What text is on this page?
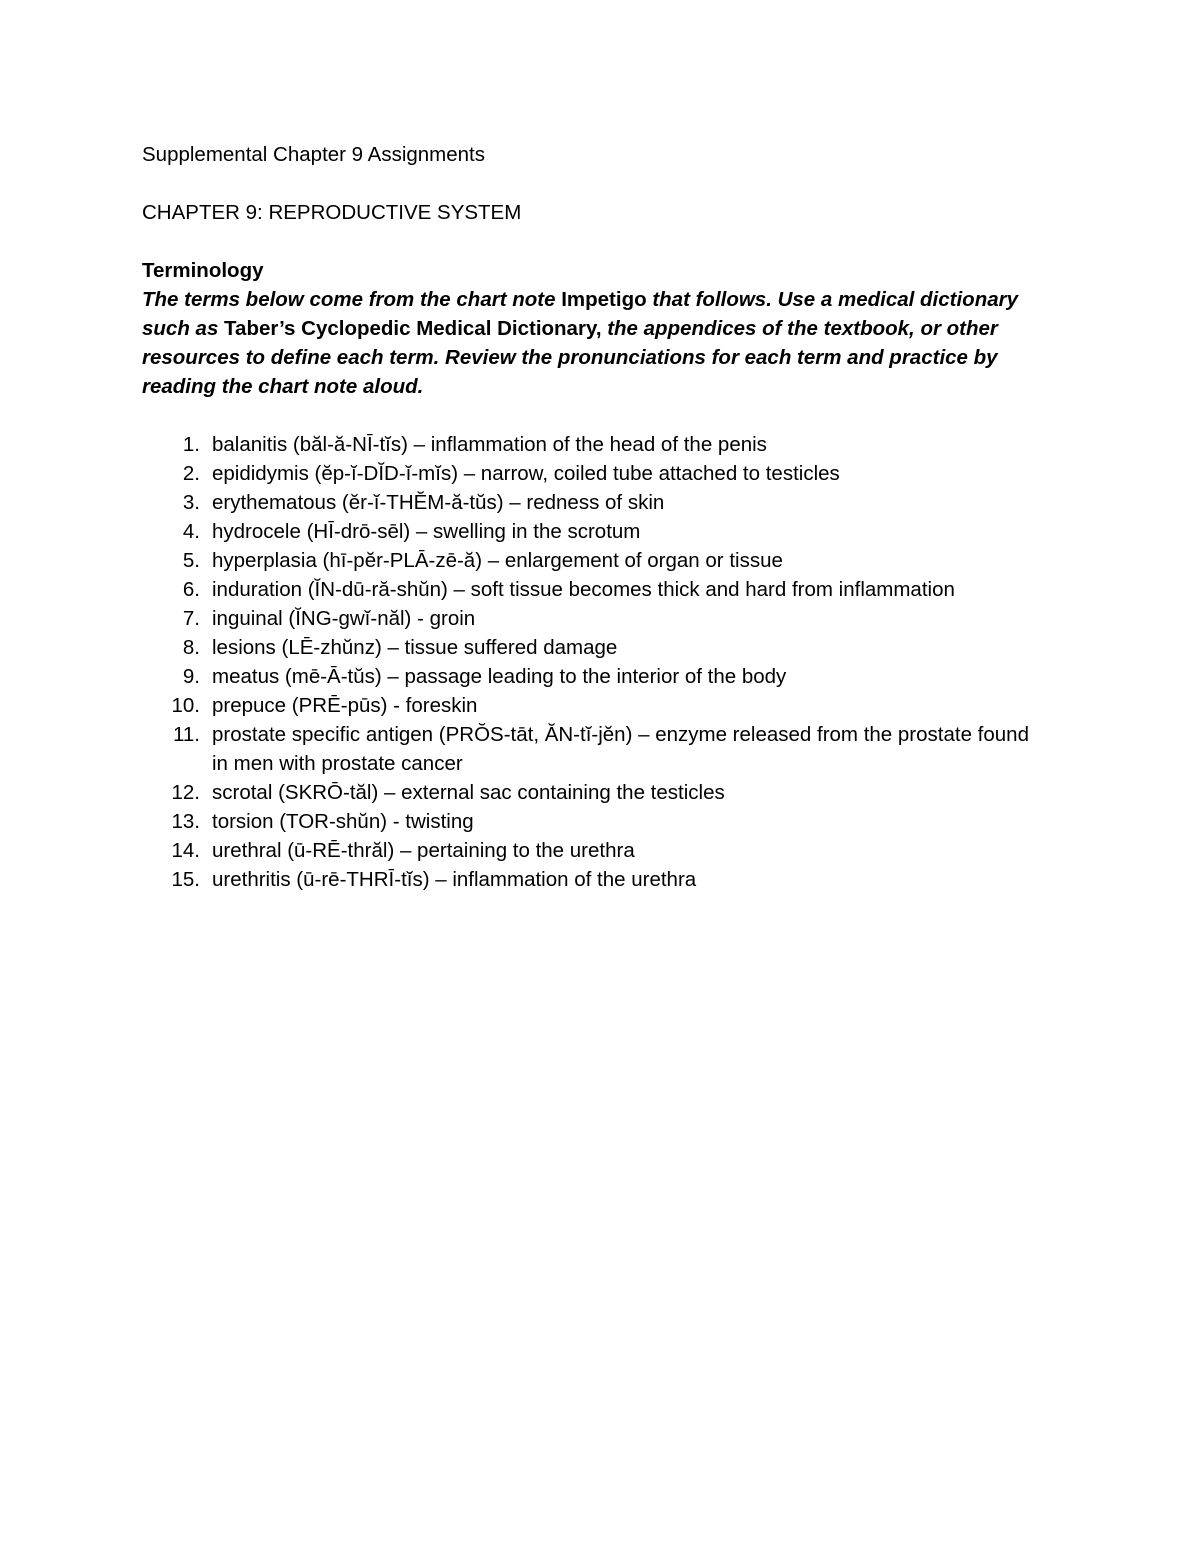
Supplemental Chapter 9 Assignments
CHAPTER 9: REPRODUCTIVE SYSTEM
Terminology

The terms below come from the chart note Impetigo that follows. Use a medical dictionary such as Taber’s Cyclopedic Medical Dictionary, the appendices of the textbook, or other resources to define each term. Review the pronunciations for each term and practice by reading the chart note aloud.

1. balanitis (băl-ă-NĪ-tĭs) – inflammation of the head of the penis
2. epididymis (ĕp-ĭ-DĬD-ĭ-mĭs) – narrow, coiled tube attached to testicles
3. erythematous (ĕr-ĭ-THĔM-ă-tŭs) – redness of skin
4. hydrocele (HĪ-drō-sēl) – swelling in the scrotum
5. hyperplasia (hī-pĕr-PLĀ-zē-ă) – enlargement of organ or tissue
6. induration (ĬN-dū-ră-shŭn) – soft tissue becomes thick and hard from inflammation
7. inguinal (ĬNG-gwĭ-năl) - groin
8. lesions (LĒ-zhŭnz) – tissue suffered damage
9. meatus (mē-Ā-tŭs) – passage leading to the interior of the body
10. prepuce (PRĒ-pūs) - foreskin
11. prostate specific antigen (PRŎS-tāt, ĂN-tĭ-jĕn) – enzyme released from the prostate found in men with prostate cancer
12. scrotal (SKRŌ-tăl) – external sac containing the testicles
13. torsion (TOR-shŭn) - twisting
14. urethral (ū-RĒ-thrăl) – pertaining to the urethra
15. urethritis (ū-rē-THRĪ-tĭs) – inflammation of the urethra
